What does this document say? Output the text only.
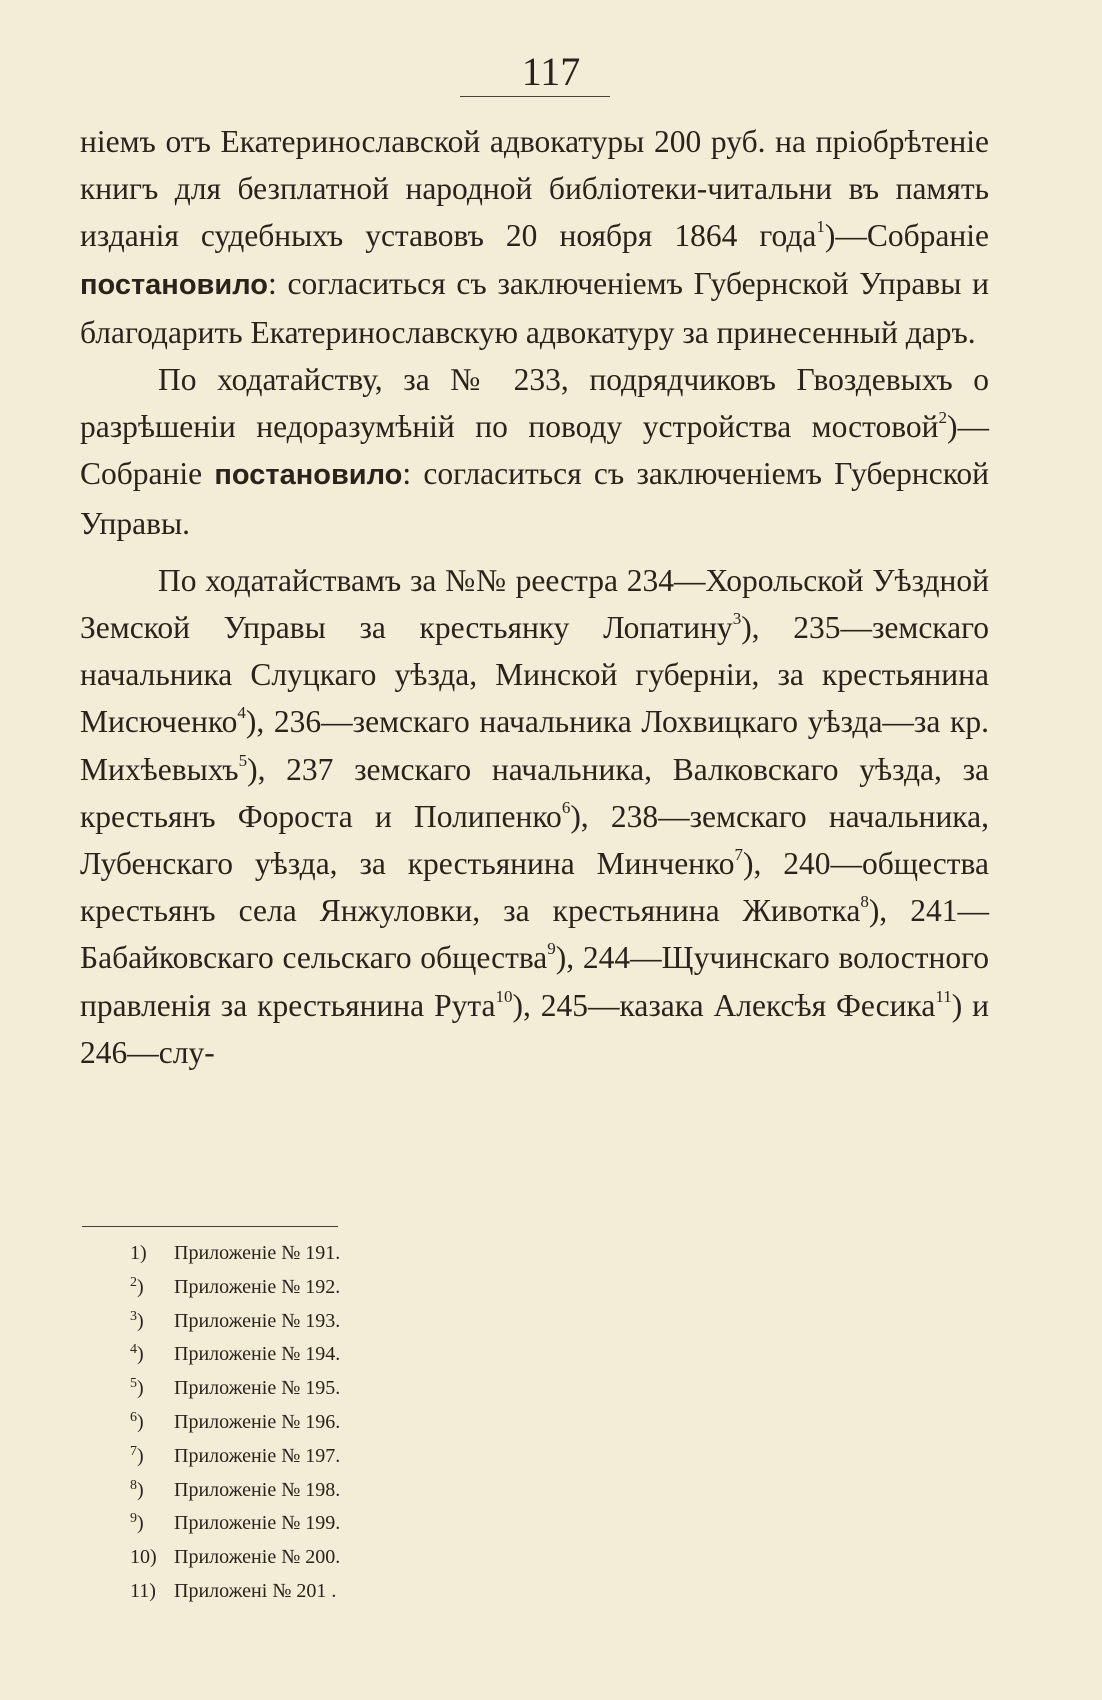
117

ніемъ отъ Екатеринославской адвокатуры 200 руб. на пріобрѣтеніе книгъ для безплатной народной библіотеки-читальни въ память изданія судебныхъ уставовъ 20 ноября 1864 года$^1$)—Собраніе постановило: согласиться съ заключеніемъ Губернской Управы и благодарить Екатеринославскую адвокатуру за принесенный даръ.

По ходатайству, за № 233, подрядчиковъ Гвоздевыхъ о разрѣшеніи недоразумѣній по поводу устройства мостовой$^2$)—Собраніе постановило: согласиться съ заключеніемъ Губернской Управы.

По ходатайствамъ за №№ реестра 234—Хорольской Уѣздной Земской Управы за крестьянку Лопатину$^3$), 235—земскаго начальника Слуцкаго уѣзда, Минской губерніи, за крестьянина Мисюченко$^4$), 236—земскаго начальника Лохвицкаго уѣзда—за кр. Михѣевыхъ$^5$), 237 земскаго начальника, Валковскаго уѣзда, за крестьянъ Фороста и Полипенко$^6$), 238—земскаго начальника, Лубенскаго уѣзда, за крестьянина Минченко$^7$), 240—общества крестьянъ села Янжуловки, за крестьянина Животка$^8$), 241—Бабайковскаго сельскаго общества$^9$), 244—Щучинскаго волостного правленія за крестьянина Рута$^{10}$), 245—казака Алексѣя Фесика$^{11}$) и 246—слу-

1) Приложеніе № 191.
$^2$) Приложеніе № 192.
$^3$) Приложеніе № 193.
$^4$) Приложеніе № 194.
$^5$) Приложеніе № 195.
$^6$) Приложеніе № 196.
$^7$) Приложеніе № 197.
$^8$) Приложеніе № 198.
$^9$) Приложеніе № 199.
10) Приложеніе № 200.
11) Приложені № 201 .
